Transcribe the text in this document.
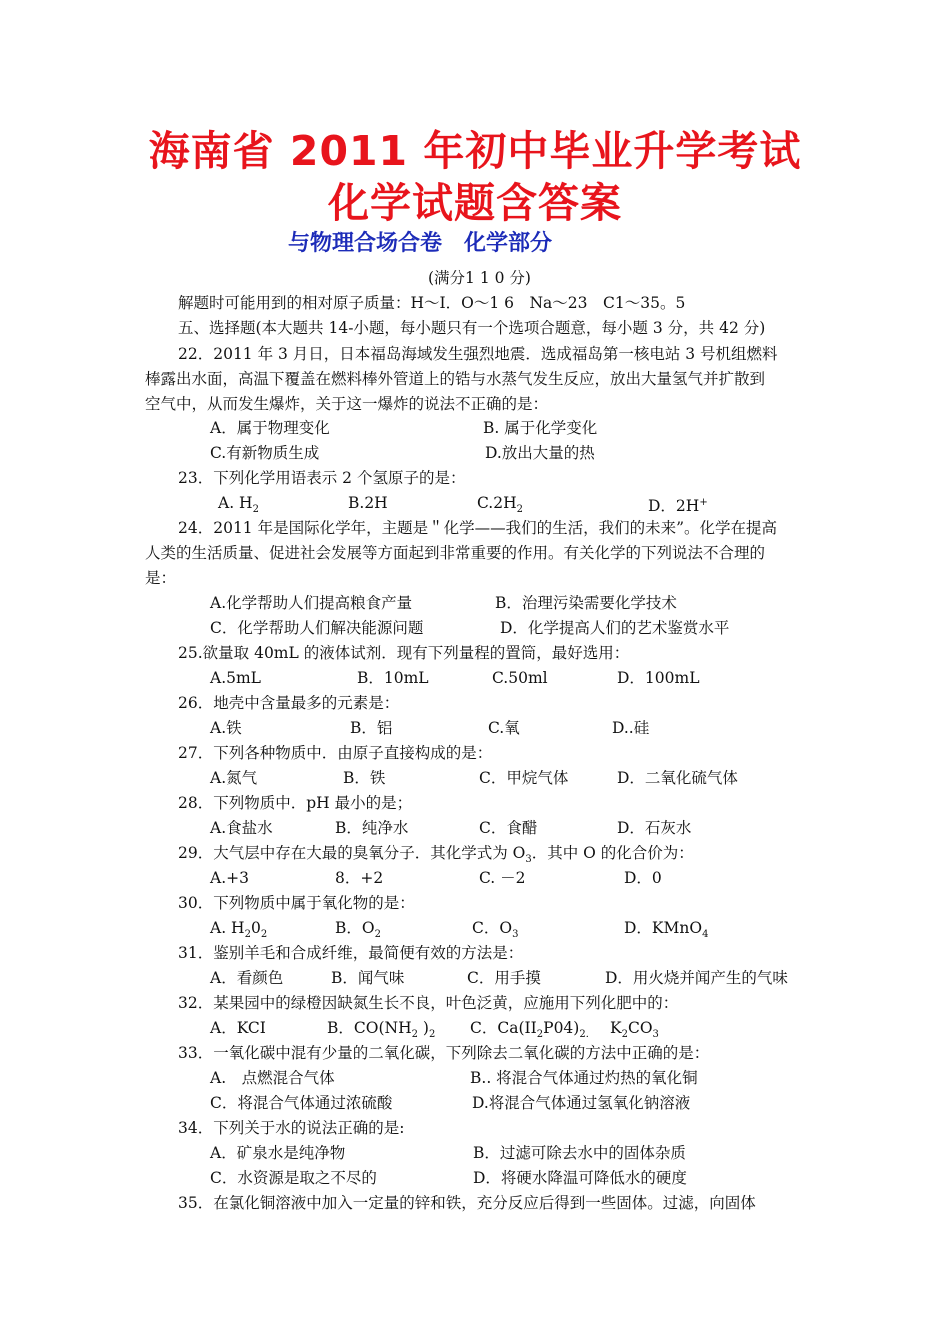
海南省 2011 年初中毕业升学考试
化学试题含答案
与物理合场合卷　化学部分
(满分1 1 0 分)
解题时可能用到的相对原子质量：H～I．O～1 6　Na～23　C1～35。5
五、选择题(本大题共 14-小题，每小题只有一个选项合题意，每小题 3 分，共 42 分)
22．2011 年 3 月日，日本福岛海域发生强烈地震．选成福岛第一核电站 3 号机组燃料
棒露出水面，高温下覆盖在燃料棒外管道上的锆与水蒸气发生反应，放出大量氢气并扩散到
空气中，从而发生爆炸，关于这一爆炸的说法不正确的是：
A．属于物理变化	B. 属于化学变化
C.有新物质生成	D.放出大量的热
23．下列化学用语表示 2 个氢原子的是：
A. $H_2$	B.2H	$C.2H_2$	D．2H+
24．2011 年是国际化学年，主题是＂化学——我们的生活，我们的未来”。化学在提高
人类的生活质量、促进社会发展等方面起到非常重要的作用。有关化学的下列说法不合理的
是：
A.化学帮助人们提高粮食产量	B．治理污染需要化学技术
C．化学帮助人们解决能源问题	D．化学提高人们的艺术鉴赏水平
25.欲量取 40mL 的液体试剂．现有下列量程的置筒，最好选用：
A.5mL	B．10mL	C.50ml	D．100mL
26．地壳中含量最多的元素是：
A.铁	B．铝	C.氧	D..硅
27．下列各种物质中．由原子直接构成的是：
A.氮气	B．铁	C．甲烷气体	D．二氧化硫气体
28．下列物质中．pH 最小的是；
A.食盐水	B．纯净水	C．食醋	D．石灰水
29．大气层中存在大最的臭氧分子．其化学式为 $O_3$．其中 O 的化合价为：
A.+3	8．+2	C. －2	D．0
30．下列物质中属于氧化物的是：
A. $H_20_2$	B．$O_2$	C．$O_3$	D．KMnO$_4$
31．鉴别羊毛和合成纤维，最简便有效的方法是：
A．看颜色	B．闻气味	C．用手摸	D．用火烧并闻产生的气味
32．某果园中的绿橙因缺氮生长不良，叶色泛黄，应施用下列化肥中的：
A．KCI	B．$CO(NH_2$ )$_2$ C．$Ca(II_2P04)_{2.}$ $K_2CO_3$
33．一氧化碳中混有少量的二氧化碳，下列除去二氧化碳的方法中正确的是：
A.　点燃混合气体	B.. 将混合气体通过灼热的氧化铜
C．将混合气体通过浓硫酸	D.将混合气体通过氢氧化钠溶液
34．下列关于水的说法正确的是:
A．矿泉水是纯净物	B．过滤可除去水中的固体杂质
C．水资源是取之不尽的	D．将硬水降温可降低水的硬度
35．在氯化铜溶液中加入一定量的锌和铁，充分反应后得到一些固体。过滤，向固体
